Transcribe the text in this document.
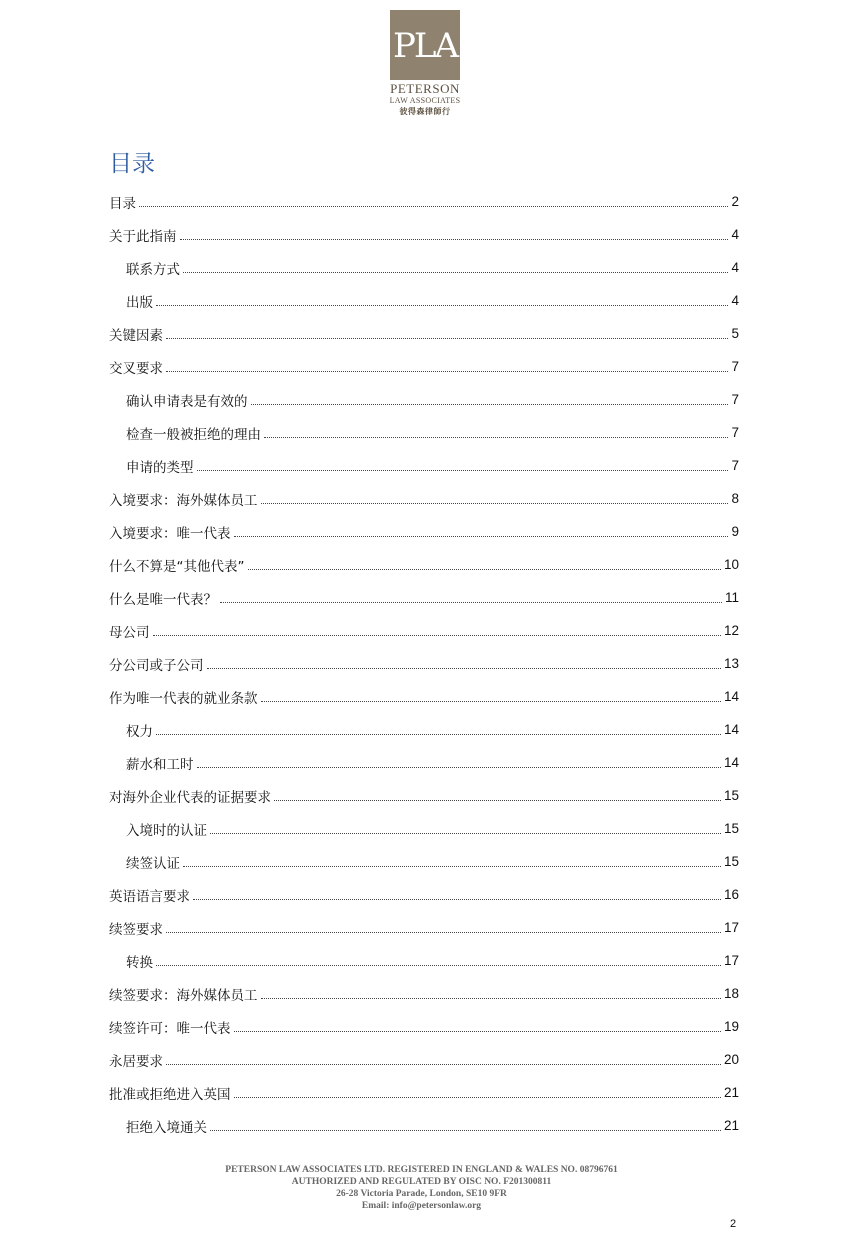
PLA
PETERSON
LAW ASSOCIATES
彼得森律師行
目录
目录	2
关于此指南	4
联系方式	4
出版	4
关键因素	5
交叉要求	7
确认申请表是有效的	7
检查一般被拒绝的理由	7
申请的类型	7
入境要求：海外媒体员工	8
入境要求：唯一代表	9
什么不算是“其他代表”	10
什么是唯一代表？	11
母公司	12
分公司或子公司	13
作为唯一代表的就业条款	14
权力	14
薪水和工时	14
对海外企业代表的证据要求	15
入境时的认证	15
续签认证	15
英语语言要求	16
续签要求	17
转换	17
续签要求：海外媒体员工	18
续签许可：唯一代表	19
永居要求	20
批准或拒绝进入英国	21
拒绝入境通关	21
PETERSON LAW ASSOCIATES LTD. REGISTERED IN ENGLAND & WALES NO. 08796761
AUTHORIZED AND REGULATED BY OISC NO. F201300811
26-28 Victoria Parade, London, SE10 9FR
Email: info@petersonlaw.org
2
